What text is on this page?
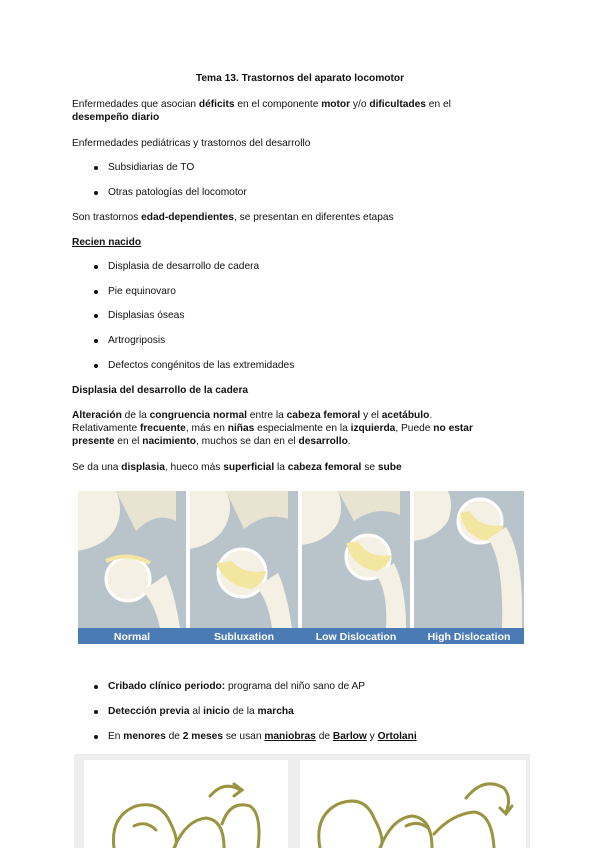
Tema 13. Trastornos del aparato locomotor
Enfermedades que asocian déficits en el componente motor y/o dificultades en el
desempeño diario
Enfermedades pediátricas y trastornos del desarrollo
Subsidiarias de TO
Otras patologías del locomotor
Son trastornos edad-dependientes, se presentan en diferentes etapas
Recien nacido
Displasia de desarrollo de cadera
Pie equinovaro
Displasias óseas
Artrogriposis
Defectos congénitos de las extremidades
Displasia del desarrollo de la cadera
Alteración de la congruencia normal entre la cabeza femoral y el acetábulo.
Relativamente frecuente, más en niñas especialmente en la izquierda, Puede no estar
presente en el nacimiento, muchos se dan en el desarrollo.
Se da una displasia, hueco más superficial la cabeza femoral se sube
Normal	Subluxation	Low Dislocation	High Dislocation
Cribado clínico periodo: programa del niño sano de AP
Detección previa al inicio de la marcha
En menores de 2 meses se usan maniobras de Barlow y Ortolani
